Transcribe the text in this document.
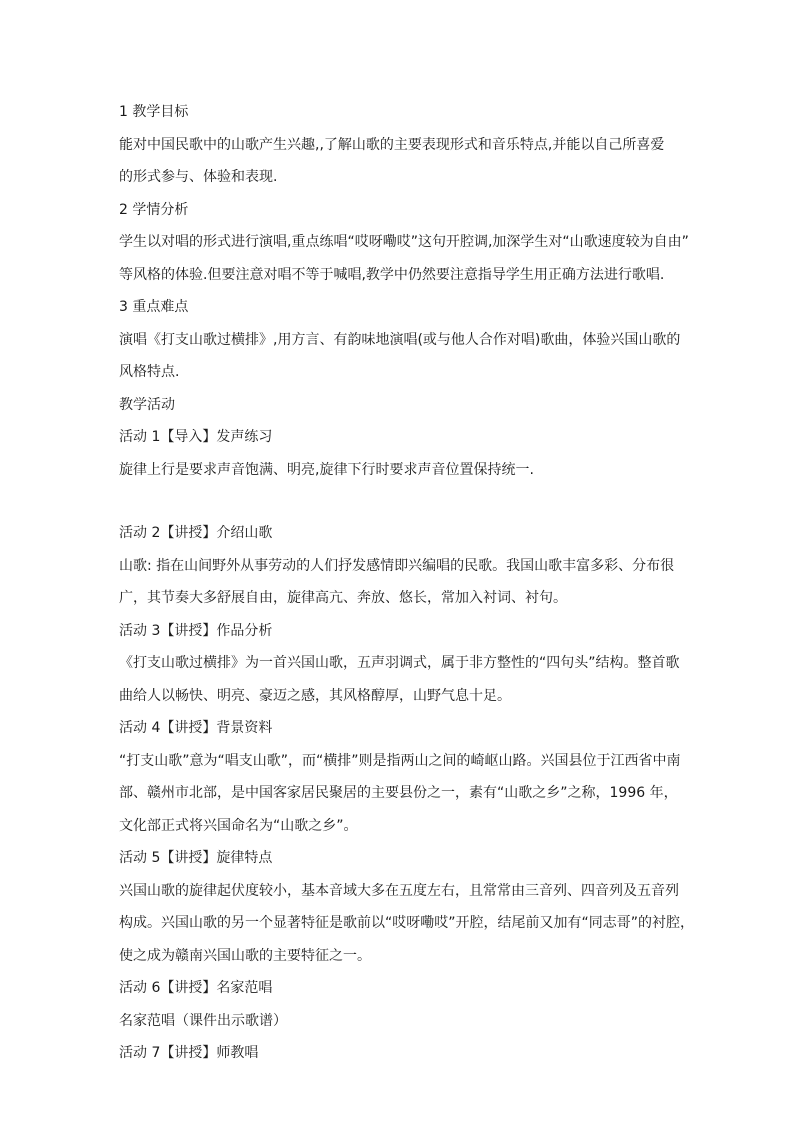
1 教学目标
能对中国民歌中的山歌产生兴趣,,了解山歌的主要表现形式和音乐特点,并能以自己所喜爱
的形式参与、体验和表现.
2 学情分析
学生以对唱的形式进行演唱,重点练唱“哎呀嘞哎”这句开腔调,加深学生对“山歌速度较为自由”
等风格的体验.但要注意对唱不等于喊唱,教学中仍然要注意指导学生用正确方法进行歌唱.
3 重点难点
演唱《打支山歌过横排》,用方言、有韵味地演唱(或与他人合作对唱)歌曲，体验兴国山歌的
风格特点.
教学活动
活动 1【导入】发声练习
旋律上行是要求声音饱满、明亮,旋律下行时要求声音位置保持统一.
活动 2【讲授】介绍山歌
山歌: 指在山间野外从事劳动的人们抒发感情即兴编唱的民歌。我国山歌丰富多彩、分布很
广，其节奏大多舒展自由，旋律高亢、奔放、悠长，常加入衬词、衬句。
活动 3【讲授】作品分析
《打支山歌过横排》为一首兴国山歌，五声羽调式，属于非方整性的“四句头”结构。整首歌
曲给人以畅快、明亮、豪迈之感，其风格醇厚，山野气息十足。
活动 4【讲授】背景资料
“打支山歌”意为“唱支山歌”，而“横排”则是指两山之间的崎岖山路。兴国县位于江西省中南
部、赣州市北部，是中国客家居民聚居的主要县份之一，素有“山歌之乡”之称，1996 年，
文化部正式将兴国命名为“山歌之乡”。
活动 5【讲授】旋律特点
兴国山歌的旋律起伏度较小，基本音域大多在五度左右，且常常由三音列、四音列及五音列
构成。兴国山歌的另一个显著特征是歌前以“哎呀嘞哎”开腔，结尾前又加有“同志哥”的衬腔，
使之成为赣南兴国山歌的主要特征之一。
活动 6【讲授】名家范唱
名家范唱（课件出示歌谱）
活动 7【讲授】师教唱
